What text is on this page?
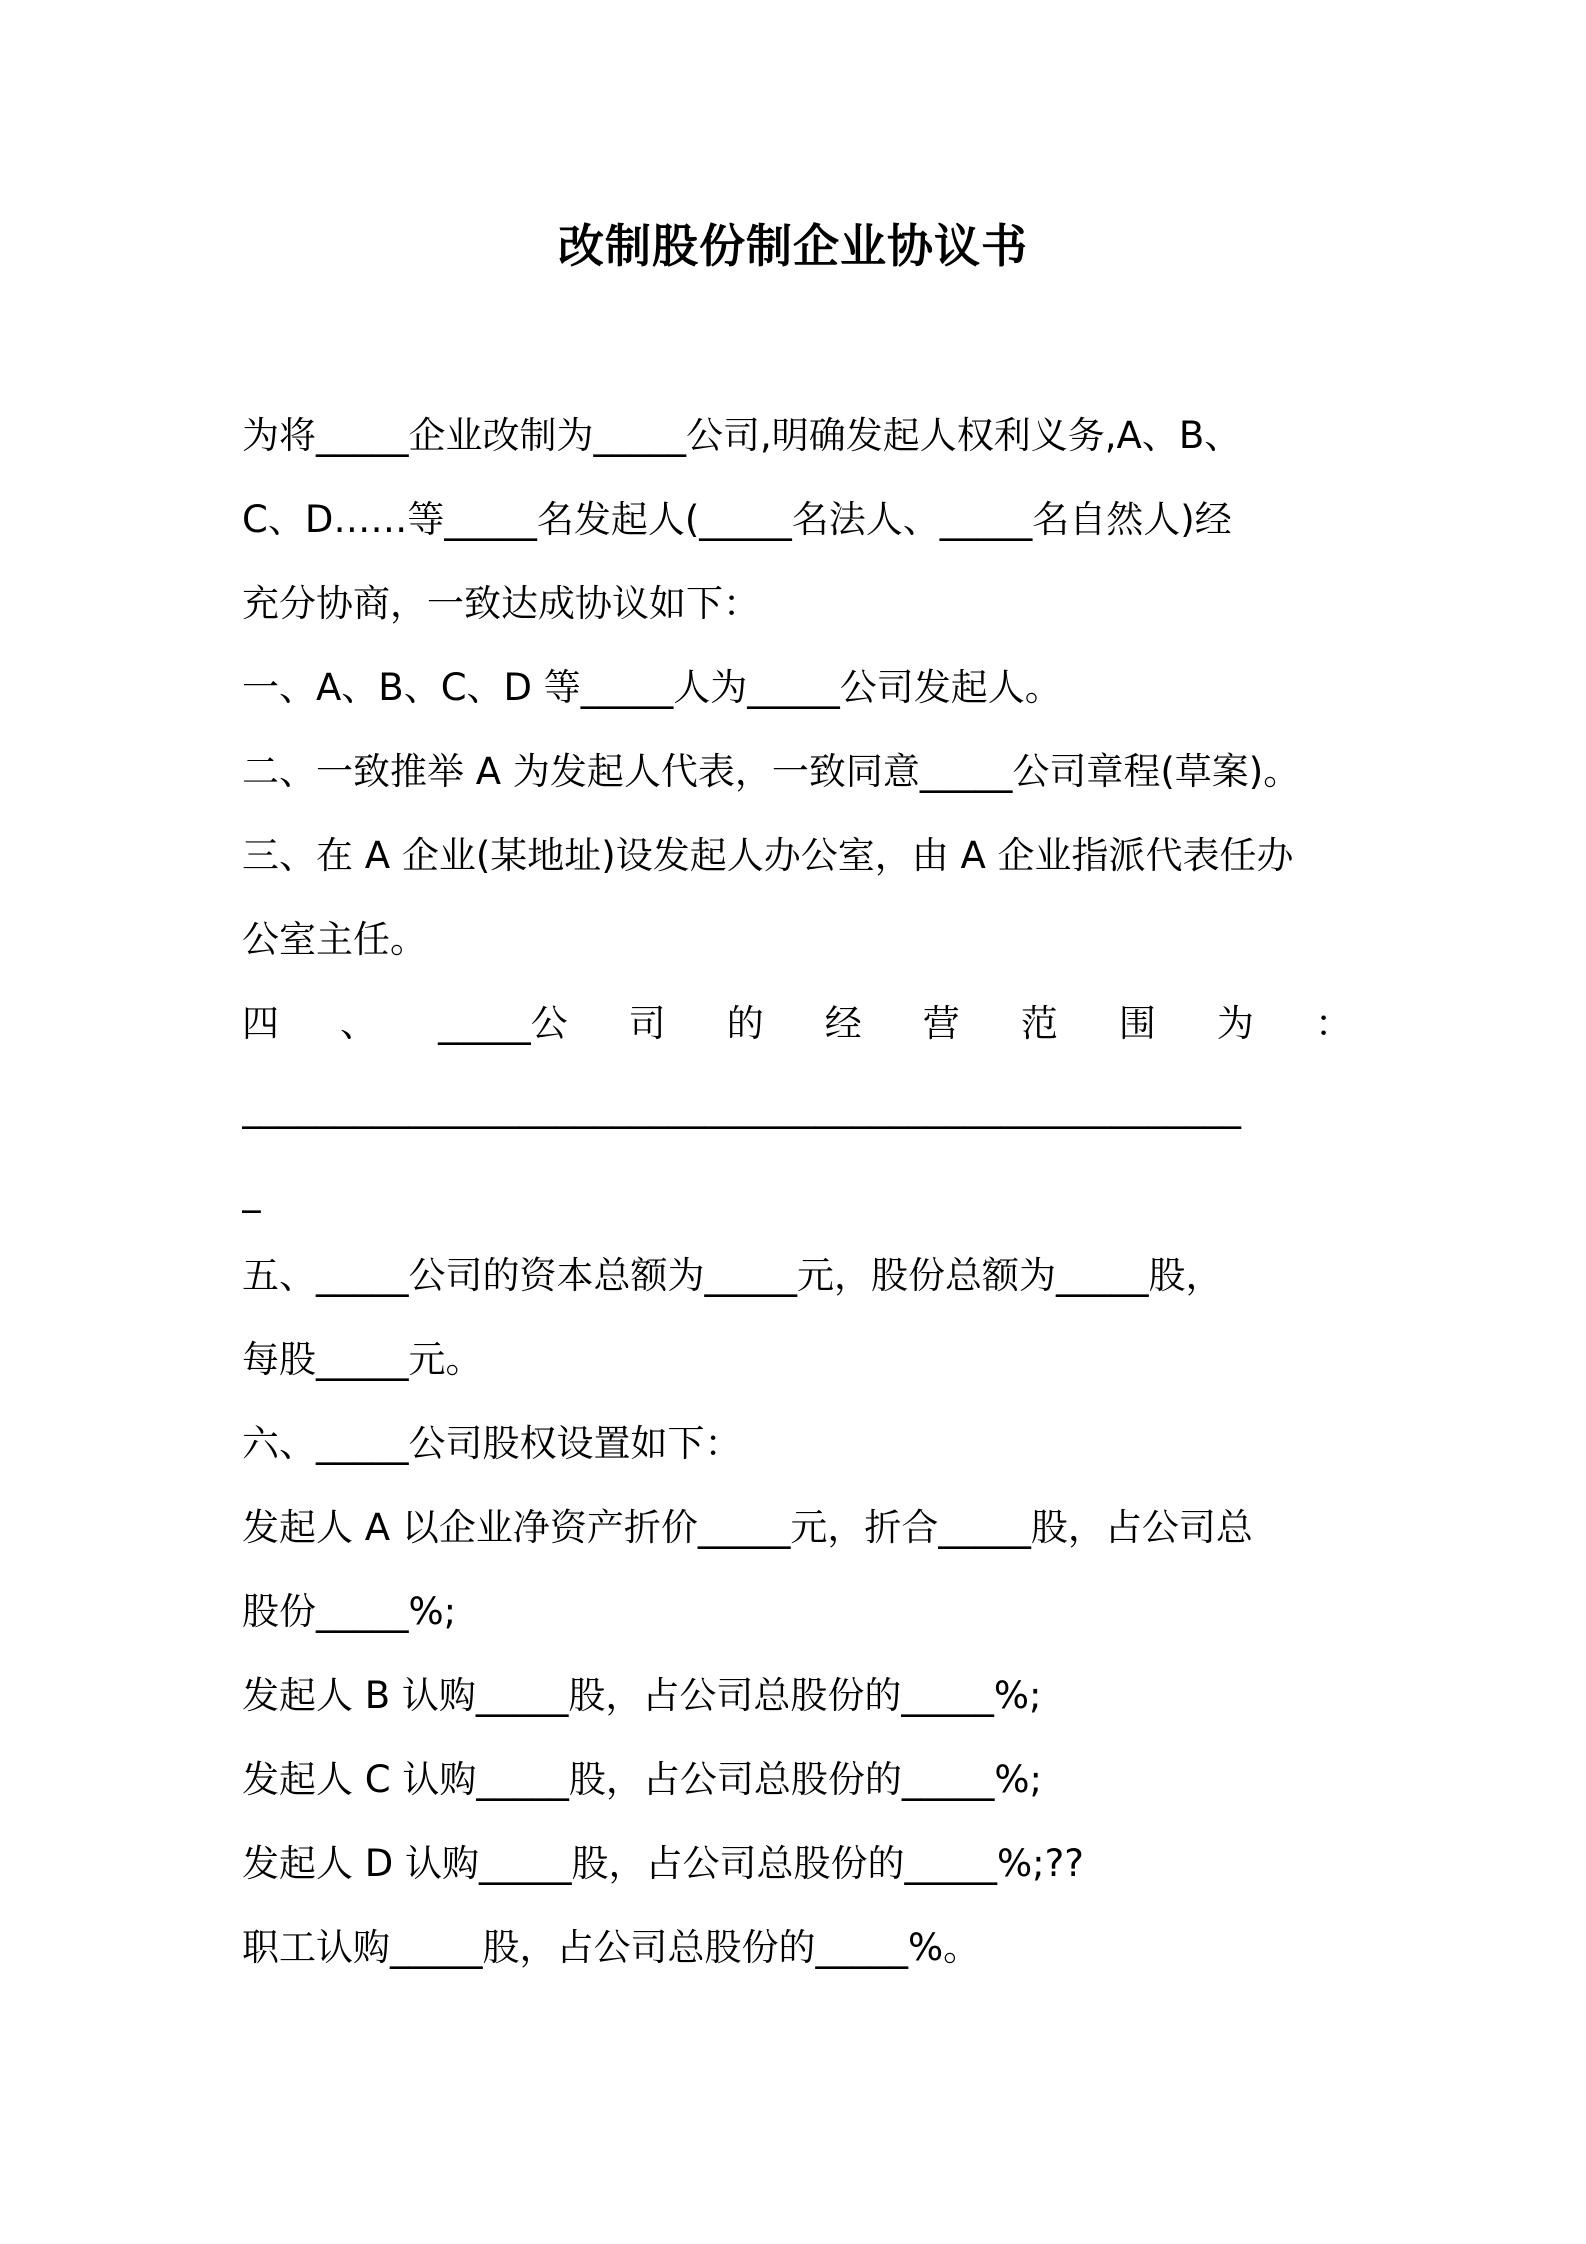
改制股份制企业协议书
为将_____企业改制为_____公司,明确发起人权利义务,A、B、
C、D……等_____名发起人(_____名法人、_____名自然人)经
充分协商，一致达成协议如下：
一、A、B、C、D 等_____人为_____公司发起人。
二、一致推举 A 为发起人代表，一致同意_____公司章程(草案)。
三、在 A 企业(某地址)设发起人办公室，由 A 企业指派代表任办
公室主任。
四 、 _____公 司 的 经 营 范 围 为 ：
______________________________________________________
_
五、_____公司的资本总额为_____元，股份总额为_____股，
每股_____元。
六、_____公司股权设置如下：
发起人 A 以企业净资产折价_____元，折合_____股，占公司总
股份_____%;
发起人 B 认购_____股，占公司总股份的_____%;
发起人 C 认购_____股，占公司总股份的_____%;
发起人 D 认购_____股，占公司总股份的_____%;??
职工认购_____股，占公司总股份的_____%。
